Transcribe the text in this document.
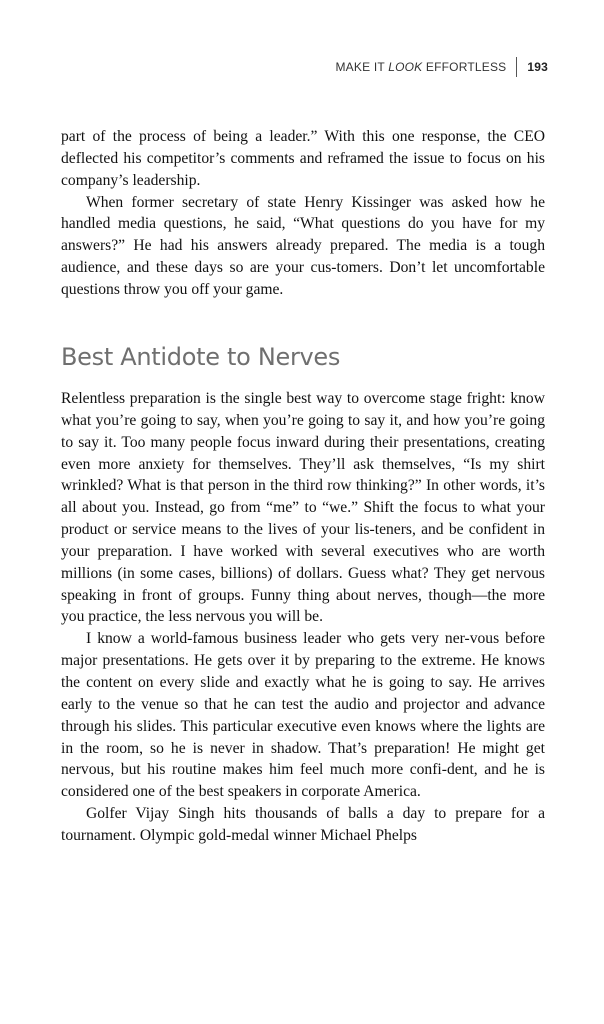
MAKE IT LOOK EFFORTLESS 193

part of the process of being a leader.” With this one response, the CEO deflected his competitor’s comments and reframed the issue to focus on his company’s leadership.

When former secretary of state Henry Kissinger was asked how he handled media questions, he said, “What questions do you have for my answers?” He had his answers already prepared. The media is a tough audience, and these days so are your cus-tomers. Don’t let uncomfortable questions throw you off your game.

Best Antidote to Nerves

Relentless preparation is the single best way to overcome stage fright: know what you’re going to say, when you’re going to say it, and how you’re going to say it. Too many people focus inward during their presentations, creating even more anxiety for themselves. They’ll ask themselves, “Is my shirt wrinkled? What is that person in the third row thinking?” In other words, it’s all about you. Instead, go from “me” to “we.” Shift the focus to what your product or service means to the lives of your lis-teners, and be confident in your preparation. I have worked with several executives who are worth millions (in some cases, billions) of dollars. Guess what? They get nervous speaking in front of groups. Funny thing about nerves, though—the more you practice, the less nervous you will be.

I know a world-famous business leader who gets very ner-vous before major presentations. He gets over it by preparing to the extreme. He knows the content on every slide and exactly what he is going to say. He arrives early to the venue so that he can test the audio and projector and advance through his slides. This particular executive even knows where the lights are in the room, so he is never in shadow. That’s preparation! He might get nervous, but his routine makes him feel much more confi-dent, and he is considered one of the best speakers in corporate America.

Golfer Vijay Singh hits thousands of balls a day to prepare for a tournament. Olympic gold-medal winner Michael Phelps
